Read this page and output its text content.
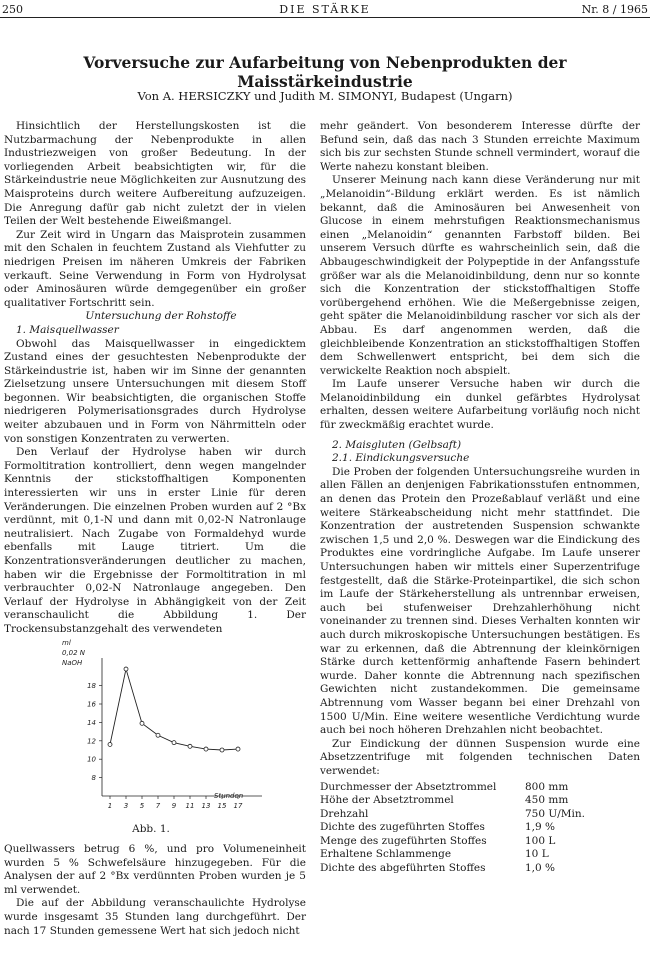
250	DIE STÄRKE	Nr. 8 / 1965
Vorversuche zur Aufarbeitung von Nebenprodukten der Maisstärkeindustrie
Von A. HERSICZKY und Judith M. SIMONYI, Budapest (Ungarn)

Hinsichtlich der Herstellungskosten ist die Nutzbarmachung der Nebenprodukte in allen Industriezweigen von großer Bedeutung. In der vorliegenden Arbeit beabsichtigten wir, für die Stärkeindustrie neue Möglichkeiten zur Ausnutzung des Maisproteins durch weitere Aufbereitung aufzuzeigen. Die Anregung dafür gab nicht zuletzt der in vielen Teilen der Welt bestehende Eiweißmangel.

Zur Zeit wird in Ungarn das Maisprotein zusammen mit den Schalen in feuchtem Zustand als Viehfutter zu niedrigen Preisen im näheren Umkreis der Fabriken verkauft. Seine Verwendung in Form von Hydrolysat oder Aminosäuren würde demgegenüber ein großer qualitativer Fortschritt sein.

Untersuchung der Rohstoffe

1. Maisquellwasser

Obwohl das Maisquellwasser in eingedicktem Zustand eines der gesuchtesten Nebenprodukte der Stärkeindustrie ist, haben wir im Sinne der genannten Zielsetzung unsere Untersuchungen mit diesem Stoff begonnen. Wir beabsichtigten, die organischen Stoffe niedrigeren Polymerisationsgrades durch Hydrolyse weiter abzubauen und in Form von Nährmitteln oder von sonstigen Konzentraten zu verwerten.

Den Verlauf der Hydrolyse haben wir durch Formoltitration kontrolliert, denn wegen mangelnder Kenntnis der stickstoffhaltigen Komponenten interessierten wir uns in erster Linie für deren Veränderungen. Die einzelnen Proben wurden auf 2 °Bx verdünnt, mit 0,1-N und dann mit 0,02-N Natronlauge neutralisiert. Nach Zugabe von Formaldehyd wurde ebenfalls mit Lauge titriert. Um die Konzentrationsveränderungen deutlicher zu machen, haben wir die Ergebnisse der Formoltitration in ml verbrauchter 0,02-N Natronlauge angegeben. Den Verlauf der Hydrolyse in Abhängigkeit von der Zeit veranschaulicht die Abbildung 1. Der Trockensubstanzgehalt des verwendeten

8
10
12
14
16
18
1 3 5 7 9 11 13 15 17
ml
0,02 N
NaOH
Stunden
Abb. 1.

Quellwassers betrug 6 %, und pro Volumeneinheit wurden 5 % Schwefelsäure hinzugegeben. Für die Analysen der auf 2 °Bx verdünnten Proben wurden je 5 ml verwendet.

Die auf der Abbildung veranschaulichte Hydrolyse wurde insgesamt 35 Stunden lang durchgeführt. Der nach 17 Stunden gemessene Wert hat sich jedoch nicht

mehr geändert. Von besonderem Interesse dürfte der Befund sein, daß das nach 3 Stunden erreichte Maximum sich bis zur sechsten Stunde schnell vermindert, worauf die Werte nahezu konstant bleiben.

Unserer Meinung nach kann diese Veränderung nur mit „Melanoidin“-Bildung erklärt werden. Es ist nämlich bekannt, daß die Aminosäuren bei Anwesenheit von Glucose in einem mehrstufigen Reaktionsmechanismus einen „Melanoidin“ genannten Farbstoff bilden. Bei unserem Versuch dürfte es wahrscheinlich sein, daß die Abbaugeschwindigkeit der Polypeptide in der Anfangsstufe größer war als die Melanoidinbildung, denn nur so konnte sich die Konzentration der stickstoffhaltigen Stoffe vorübergehend erhöhen. Wie die Meßergebnisse zeigen, geht später die Melanoidinbildung rascher vor sich als der Abbau. Es darf angenommen werden, daß die gleichbleibende Konzentration an stickstoffhaltigen Stoffen dem Schwellenwert entspricht, bei dem sich die verwickelte Reaktion noch abspielt.

Im Laufe unserer Versuche haben wir durch die Melanoidinbildung ein dunkel gefärbtes Hydrolysat erhalten, dessen weitere Aufarbeitung vorläufig noch nicht für zweckmäßig erachtet wurde.

2. Maisgluten (Gelbsaft)

2.1. Eindickungsversuche

Die Proben der folgenden Untersuchungsreihe wurden in allen Fällen an denjenigen Fabrikationsstufen entnommen, an denen das Protein den Prozeßablauf verläßt und eine weitere Stärkeabscheidung nicht mehr stattfindet. Die Konzentration der austretenden Suspension schwankte zwischen 1,5 und 2,0 %. Deswegen war die Eindickung des Produktes eine vordringliche Aufgabe. Im Laufe unserer Untersuchungen haben wir mittels einer Superzentrifuge festgestellt, daß die Stärke-Proteinpartikel, die sich schon im Laufe der Stärkeherstellung als untrennbar erweisen, auch bei stufenweiser Drehzahlerhöhung nicht voneinander zu trennen sind. Dieses Verhalten konnten wir auch durch mikroskopische Untersuchungen bestätigen. Es war zu erkennen, daß die Abtrennung der kleinkörnigen Stärke durch kettenförmig anhaftende Fasern behindert wurde. Daher konnte die Abtrennung nach spezifischen Gewichten nicht zustandekommen. Die gemeinsame Abtrennung vom Wasser begann bei einer Drehzahl von 1500 U/Min. Eine weitere wesentliche Verdichtung wurde auch bei noch höheren Drehzahlen nicht beobachtet.

Zur Eindickung der dünnen Suspension wurde eine Absetzzentrifuge mit folgenden technischen Daten verwendet:

Durchmesser der Absetztrommel	800 mm
Höhe der Absetztrommel	450 mm
Drehzahl	750 U/Min.
Dichte des zugeführten Stoffes	1,9 %
Menge des zugeführten Stoffes	100 L
Erhaltene Schlammenge	10 L
Dichte des abgeführten Stoffes	1,0 %
